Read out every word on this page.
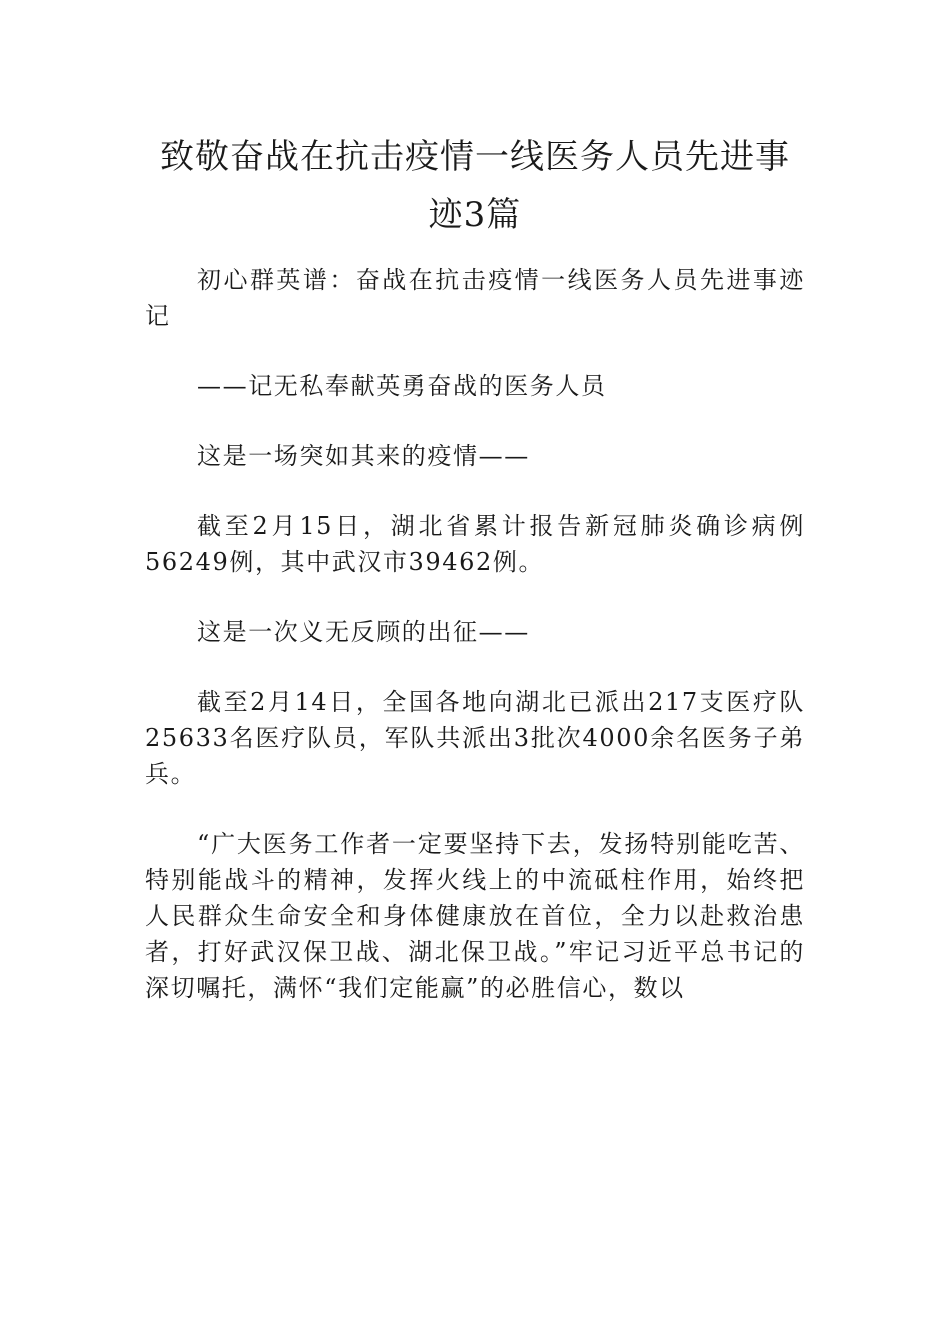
致敬奋战在抗击疫情一线医务人员先进事迹3篇

初心群英谱：奋战在抗击疫情一线医务人员先进事迹记

——记无私奉献英勇奋战的医务人员

这是一场突如其来的疫情——

截至2月15日，湖北省累计报告新冠肺炎确诊病例56249例，其中武汉市39462例。

这是一次义无反顾的出征——

截至2月14日，全国各地向湖北已派出217支医疗队25633名医疗队员，军队共派出3批次4000余名医务子弟兵。

“广大医务工作者一定要坚持下去，发扬特别能吃苦、特别能战斗的精神，发挥火线上的中流砥柱作用，始终把人民群众生命安全和身体健康放在首位，全力以赴救治患者，打好武汉保卫战、湖北保卫战。”牢记习近平总书记的深切嘱托，满怀“我们定能赢”的必胜信心，数以
